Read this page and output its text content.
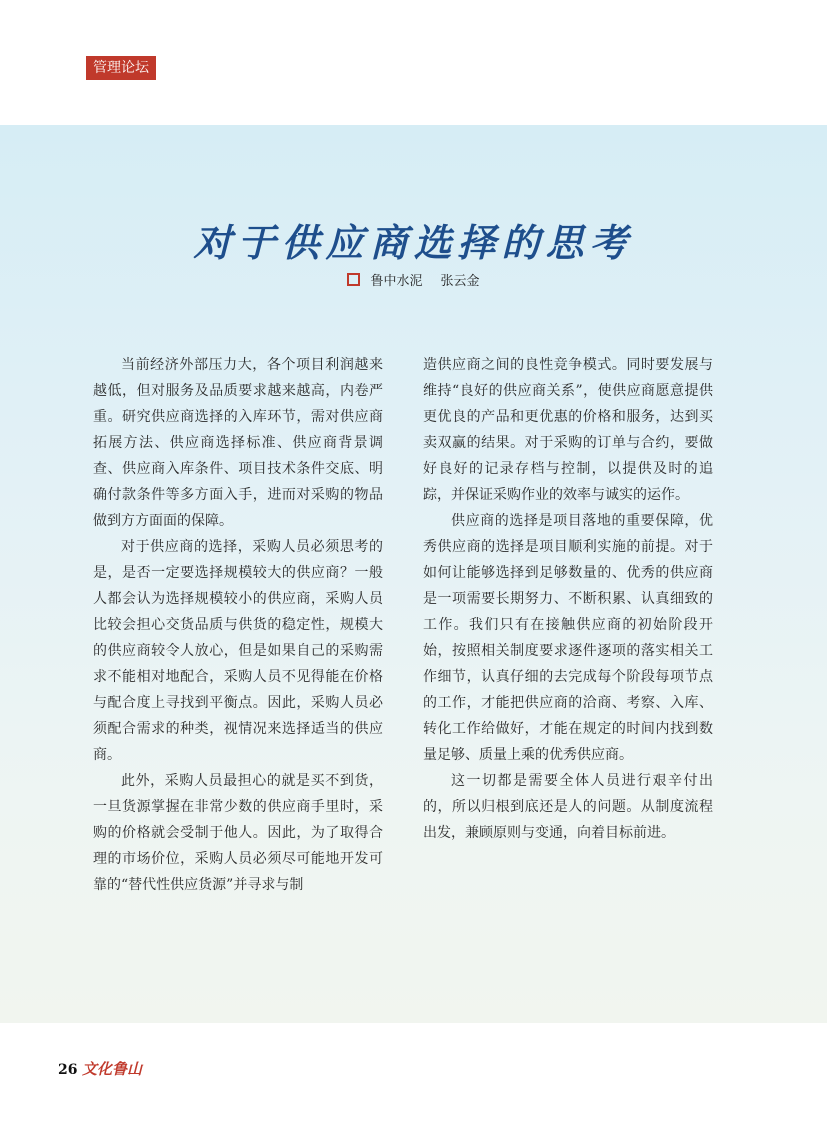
管理论坛
对于供应商选择的思考
鲁中水泥 张云金

当前经济外部压力大，各个项目利润越来越低，但对服务及品质要求越来越高，内卷严重。研究供应商选择的入库环节，需对供应商拓展方法、供应商选择标准、供应商背景调查、供应商入库条件、项目技术条件交底、明确付款条件等多方面入手，进而对采购的物品做到方方面面的保障。

对于供应商的选择，采购人员必须思考的是，是否一定要选择规模较大的供应商？一般人都会认为选择规模较小的供应商，采购人员比较会担心交货品质与供货的稳定性，规模大的供应商较令人放心，但是如果自己的采购需求不能相对地配合，采购人员不见得能在价格与配合度上寻找到平衡点。因此，采购人员必须配合需求的种类，视情况来选择适当的供应商。

此外，采购人员最担心的就是买不到货，一旦货源掌握在非常少数的供应商手里时，采购的价格就会受制于他人。因此，为了取得合理的市场价位，采购人员必须尽可能地开发可靠的“替代性供应货源”并寻求与制

造供应商之间的良性竞争模式。同时要发展与维持“良好的供应商关系”，使供应商愿意提供更优良的产品和更优惠的价格和服务，达到买卖双赢的结果。对于采购的订单与合约，要做好良好的记录存档与控制，以提供及时的追踪，并保证采购作业的效率与诚实的运作。

供应商的选择是项目落地的重要保障，优秀供应商的选择是项目顺利实施的前提。对于如何让能够选择到足够数量的、优秀的供应商是一项需要长期努力、不断积累、认真细致的工作。我们只有在接触供应商的初始阶段开始，按照相关制度要求逐件逐项的落实相关工作细节，认真仔细的去完成每个阶段每项节点的工作，才能把供应商的洽商、考察、入库、转化工作给做好，才能在规定的时间内找到数量足够、质量上乘的优秀供应商。

这一切都是需要全体人员进行艰辛付出的，所以归根到底还是人的问题。从制度流程出发，兼顾原则与变通，向着目标前进。

26 文化鲁山
